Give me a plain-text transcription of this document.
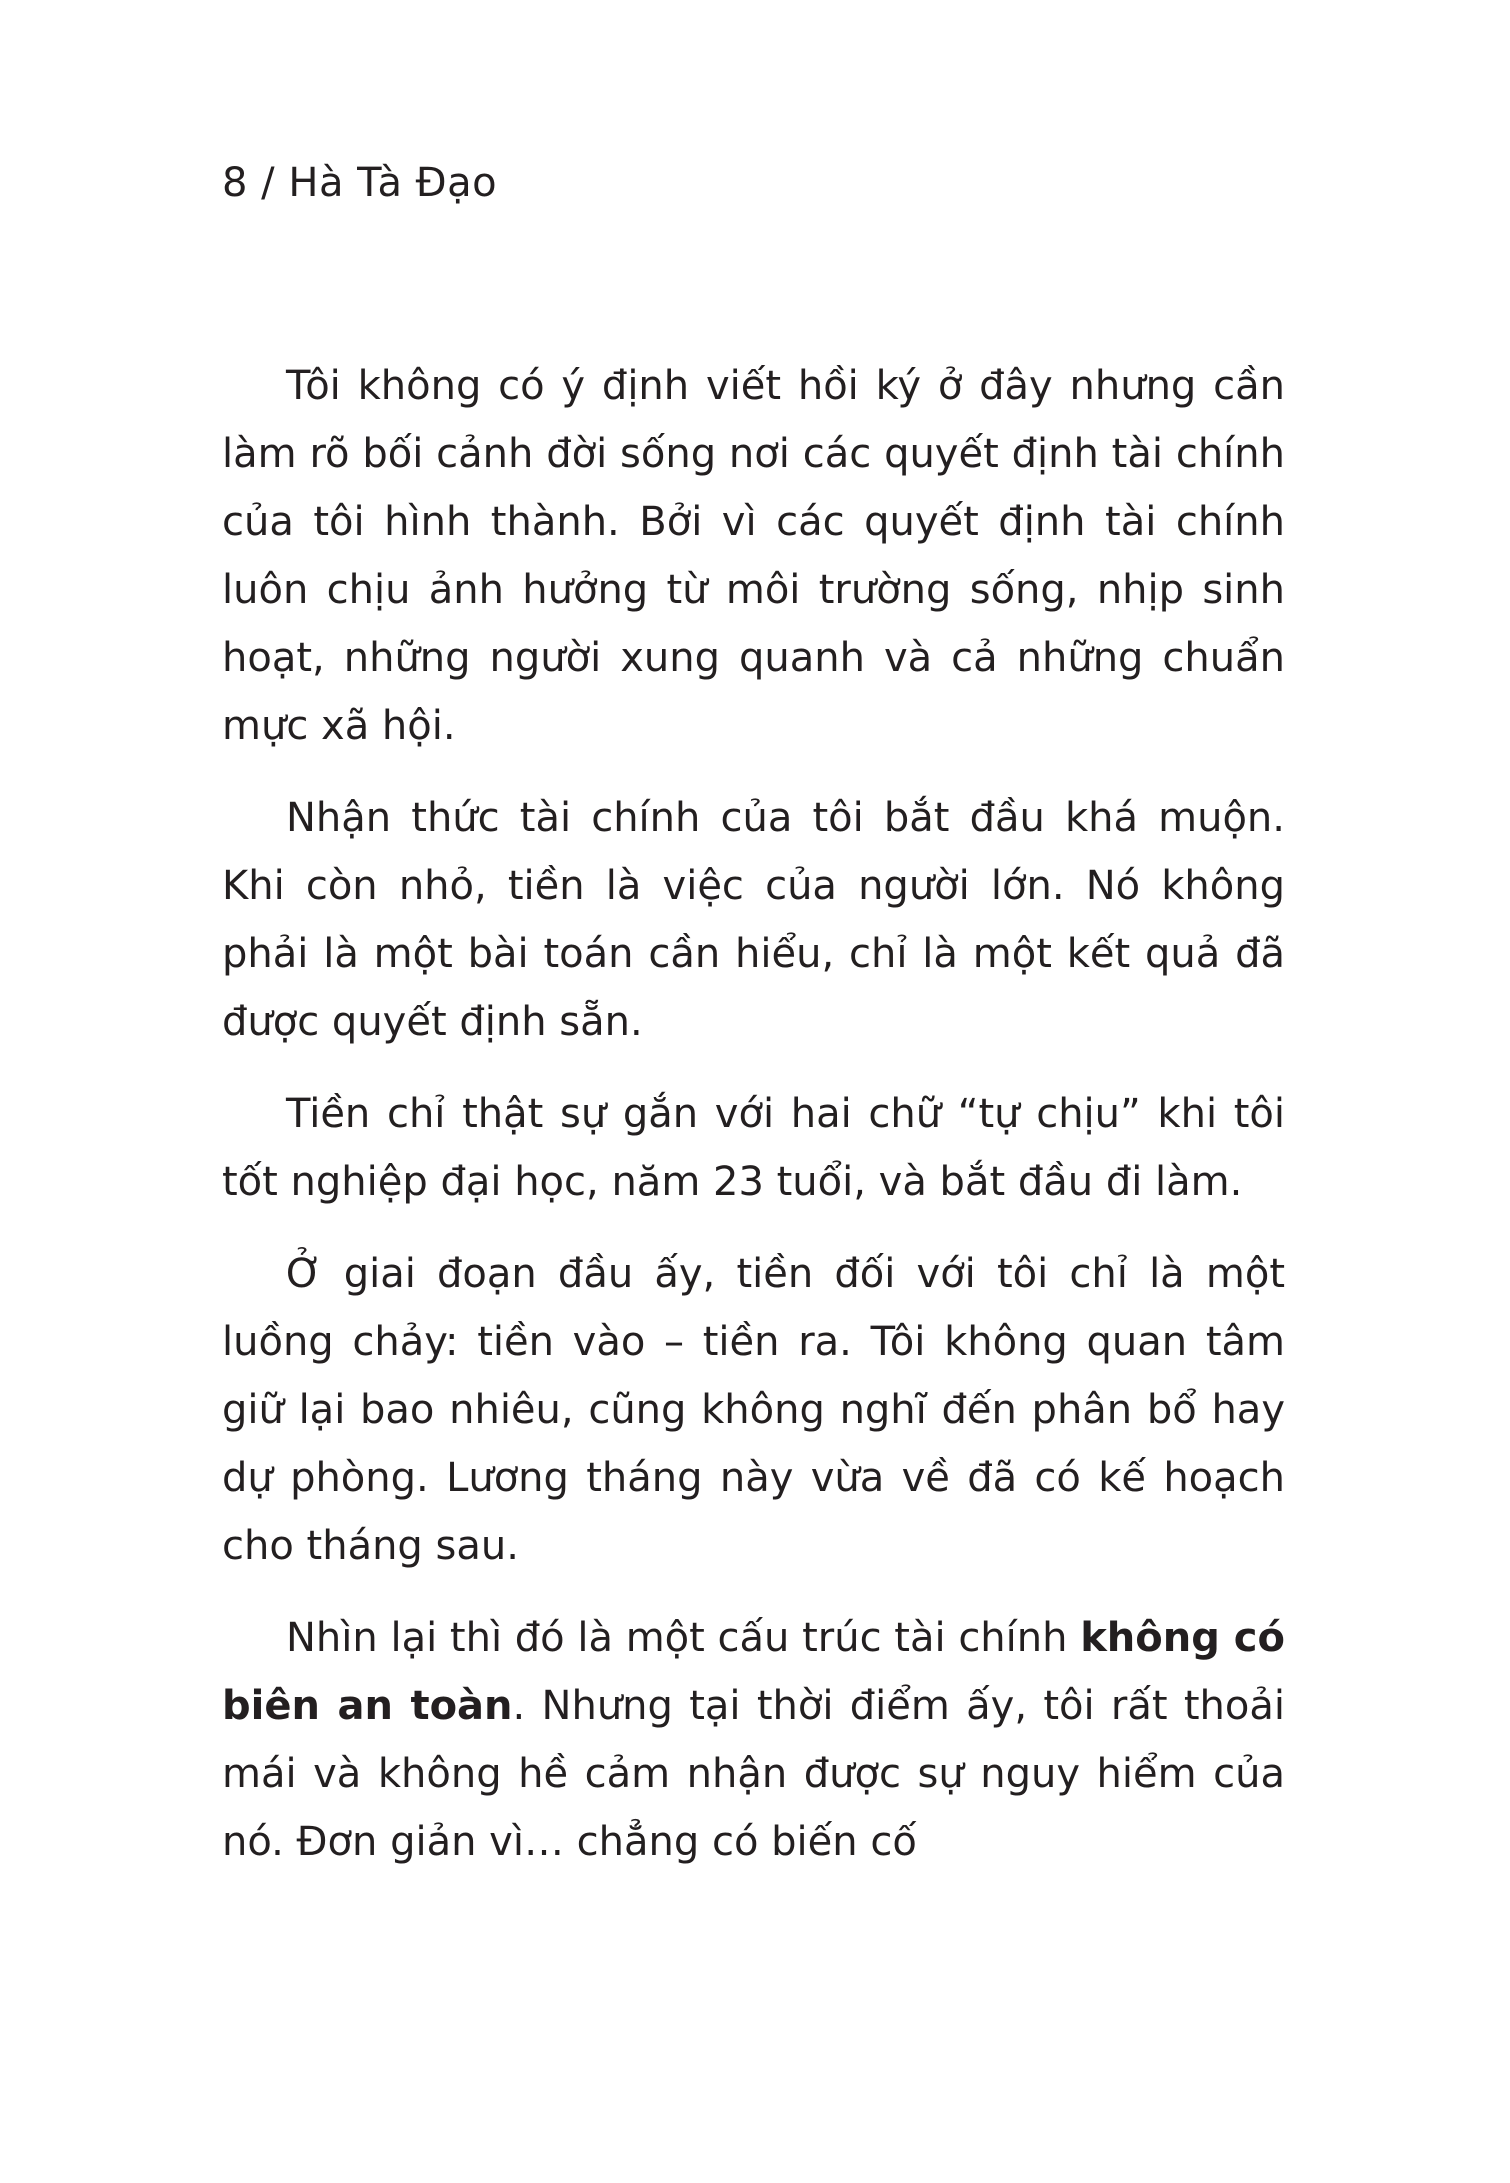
8 / Hà Tà Đạo

Tôi không có ý định viết hồi ký ở đây nhưng cần làm rõ bối cảnh đời sống nơi các quyết định tài chính của tôi hình thành. Bởi vì các quyết định tài chính luôn chịu ảnh hưởng từ môi trường sống, nhịp sinh hoạt, những người xung quanh và cả những chuẩn mực xã hội.

Nhận thức tài chính của tôi bắt đầu khá muộn. Khi còn nhỏ, tiền là việc của người lớn. Nó không phải là một bài toán cần hiểu, chỉ là một kết quả đã được quyết định sẵn.

Tiền chỉ thật sự gắn với hai chữ “tự chịu” khi tôi tốt nghiệp đại học, năm 23 tuổi, và bắt đầu đi làm.

Ở giai đoạn đầu ấy, tiền đối với tôi chỉ là một luồng chảy: tiền vào – tiền ra. Tôi không quan tâm giữ lại bao nhiêu, cũng không nghĩ đến phân bổ hay dự phòng. Lương tháng này vừa về đã có kế hoạch cho tháng sau.

Nhìn lại thì đó là một cấu trúc tài chính không có biên an toàn. Nhưng tại thời điểm ấy, tôi rất thoải mái và không hề cảm nhận được sự nguy hiểm của nó. Đơn giản vì… chẳng có biến cố
